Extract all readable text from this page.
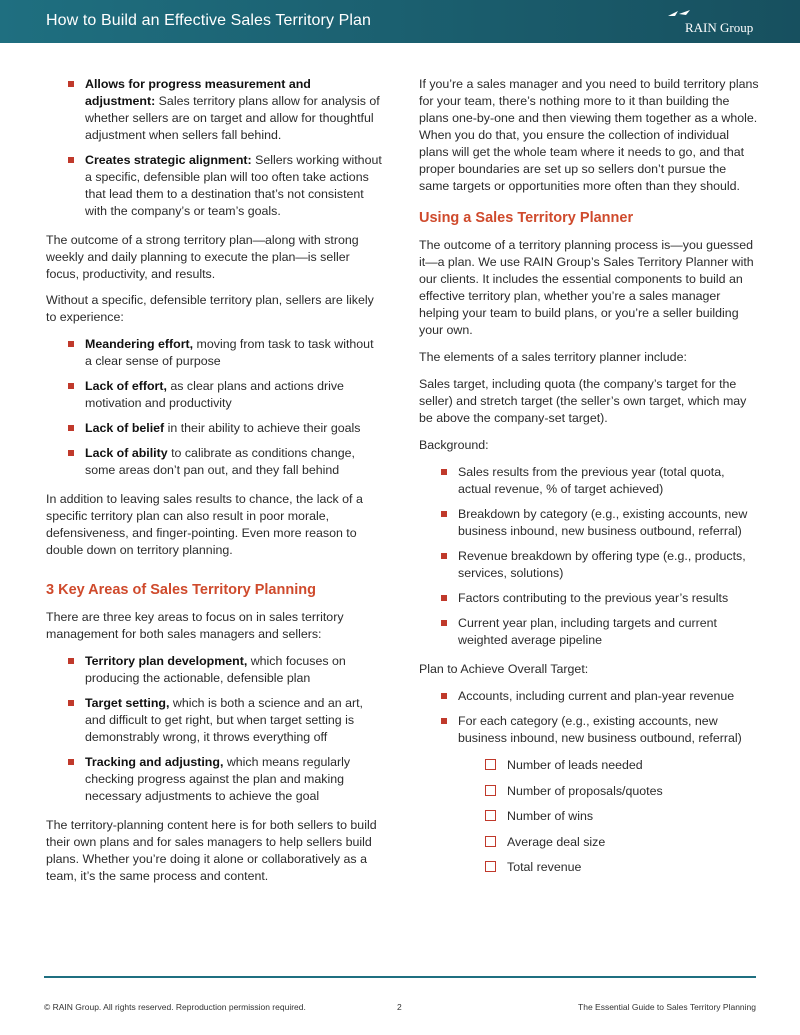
How to Build an Effective Sales Territory Plan	RAIN Group
Allows for progress measurement and adjustment: Sales territory plans allow for analysis of whether sellers are on target and allow for thoughtful adjustment when sellers fall behind.
Creates strategic alignment: Sellers working without a specific, defensible plan will too often take actions that lead them to a destination that’s not consistent with the company’s or team’s goals.

The outcome of a strong territory plan—along with strong weekly and daily planning to execute the plan—is seller focus, productivity, and results.

Without a specific, defensible territory plan, sellers are likely to experience:

Meandering effort, moving from task to task without a clear sense of purpose
Lack of effort, as clear plans and actions drive motivation and productivity
Lack of belief in their ability to achieve their goals
Lack of ability to calibrate as conditions change, some areas don’t pan out, and they fall behind

In addition to leaving sales results to chance, the lack of a specific territory plan can also result in poor morale, defensiveness, and finger-pointing. Even more reason to double down on territory planning.

3 Key Areas of Sales Territory Planning

There are three key areas to focus on in sales territory management for both sales managers and sellers:

Territory plan development, which focuses on producing the actionable, defensible plan
Target setting, which is both a science and an art, and difficult to get right, but when target setting is demonstrably wrong, it throws everything off
Tracking and adjusting, which means regularly checking progress against the plan and making necessary adjustments to achieve the goal

The territory-planning content here is for both sellers to build their own plans and for sales managers to help sellers build plans. Whether you’re doing it alone or collaboratively as a team, it’s the same process and content.

If you’re a sales manager and you need to build territory plans for your team, there’s nothing more to it than building the plans one-by-one and then viewing them together as a whole. When you do that, you ensure the collection of individual plans will get the whole team where it needs to go, and that proper boundaries are set up so sellers don’t pursue the same targets or opportunities more often than they should.

Using a Sales Territory Planner

The outcome of a territory planning process is—you guessed it—a plan. We use RAIN Group’s Sales Territory Planner with our clients. It includes the essential components to build an effective territory plan, whether you’re a sales manager helping your team to build plans, or you’re a seller building your own.

The elements of a sales territory planner include:

Sales target, including quota (the company’s target for the seller) and stretch target (the seller’s own target, which may be above the company-set target).

Background:

Sales results from the previous year (total quota, actual revenue, % of target achieved)
Breakdown by category (e.g., existing accounts, new business inbound, new business outbound, referral)
Revenue breakdown by offering type (e.g., products, services, solutions)
Factors contributing to the previous year’s results
Current year plan, including targets and current weighted average pipeline

Plan to Achieve Overall Target:

Accounts, including current and plan-year revenue
For each category (e.g., existing accounts, new business inbound, new business outbound, referral)
Number of leads needed
Number of proposals/quotes
Number of wins
Average deal size
Total revenue
© RAIN Group. All rights reserved. Reproduction permission required.	2	The Essential Guide to Sales Territory Planning
